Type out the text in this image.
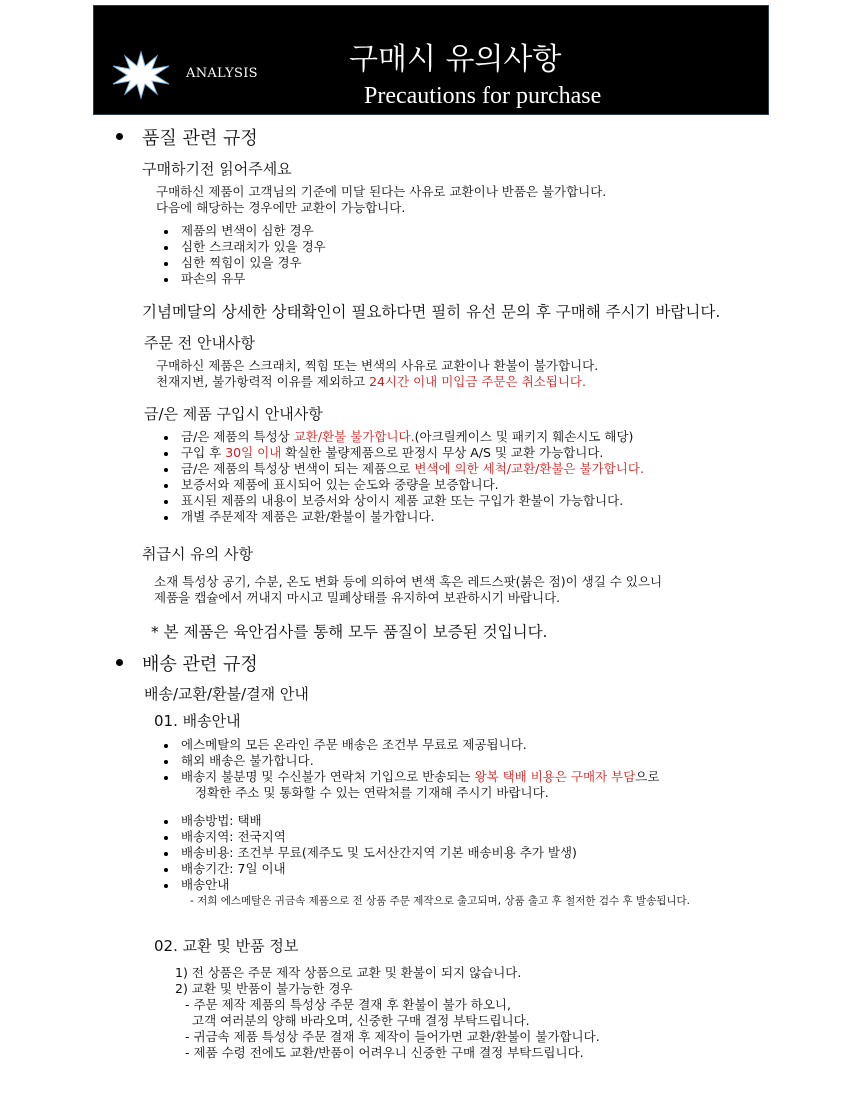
ANALYSIS	구매시 유의사항
Precautions for purchase
품질 관련 규정
구매하기전 읽어주세요
구매하신 제품이 고객님의 기준에 미달 된다는 사유로 교환이나 반품은 불가합니다.
다음에 해당하는 경우에만 교환이 가능합니다.
제품의 변색이 심한 경우
심한 스크래치가 있을 경우
심한 찍힘이 있을 경우
파손의 유무
기념메달의 상세한 상태확인이 필요하다면 필히 유선 문의 후 구매해 주시기 바랍니다.
주문 전 안내사항
구매하신 제품은 스크래치, 찍힘 또는 변색의 사유로 교환이나 환불이 불가합니다.
천재지변, 불가항력적 이유를 제외하고 24시간 이내 미입금 주문은 취소됩니다.
금/은 제품 구입시 안내사항
금/은 제품의 특성상 교환/환불 불가합니다.(아크릴케이스 및 패키지 훼손시도 해당)
구입 후 30일 이내 확실한 불량제품으로 판정시 무상 A/S 및 교환 가능합니다.
금/은 제품의 특성상 변색이 되는 제품으로 변색에 의한 세척/교환/환불은 불가합니다.
보증서와 제품에 표시되어 있는 순도와 중량을 보증합니다.
표시된 제품의 내용이 보증서와 상이시 제품 교환 또는 구입가 환불이 가능합니다.
개별 주문제작 제품은 교환/환불이 불가합니다.
취급시 유의 사항
소재 특성상 공기, 수분, 온도 변화 등에 의하여 변색 혹은 레드스팟(붉은 점)이 생길 수 있으니
제품을 캡슐에서 꺼내지 마시고 밀폐상태를 유지하여 보관하시기 바랍니다.
* 본 제품은 육안검사를 통해 모두 품질이 보증된 것입니다.
배송 관련 규정
배송/교환/환불/결재 안내
01. 배송안내
에스메탈의 모든 온라인 주문 배송은 조건부 무료로 제공됩니다.
해외 배송은 불가합니다.
배송지 불분명 및 수신불가 연락처 기입으로 반송되는 왕복 택배 비용은 구매자 부담으로
정확한 주소 및 통화할 수 있는 연락처를 기재해 주시기 바랍니다.
배송방법: 택배
배송지역: 전국지역
배송비용: 조건부 무료(제주도 및 도서산간지역 기본 배송비용 추가 발생)
배송기간: 7일 이내
배송안내
- 저희 에스메탈은 귀금속 제품으로 전 상품 주문 제작으로 출고되며, 상품 출고 후 철저한 검수 후 발송됩니다.
02. 교환 및 반품 정보
1) 전 상품은 주문 제작 상품으로 교환 및 환불이 되지 않습니다.
2) 교환 및 반품이 불가능한 경우
- 주문 제작 제품의 특성상 주문 결재 후 환불이 불가 하오니,
고객 여러분의 양해 바라오며, 신중한 구매 결정 부탁드립니다.
- 귀금속 제품 특성상 주문 결재 후 제작이 들어가면 교환/환불이 불가합니다.
- 제품 수령 전에도 교환/반품이 어려우니 신중한 구매 결정 부탁드립니다.
